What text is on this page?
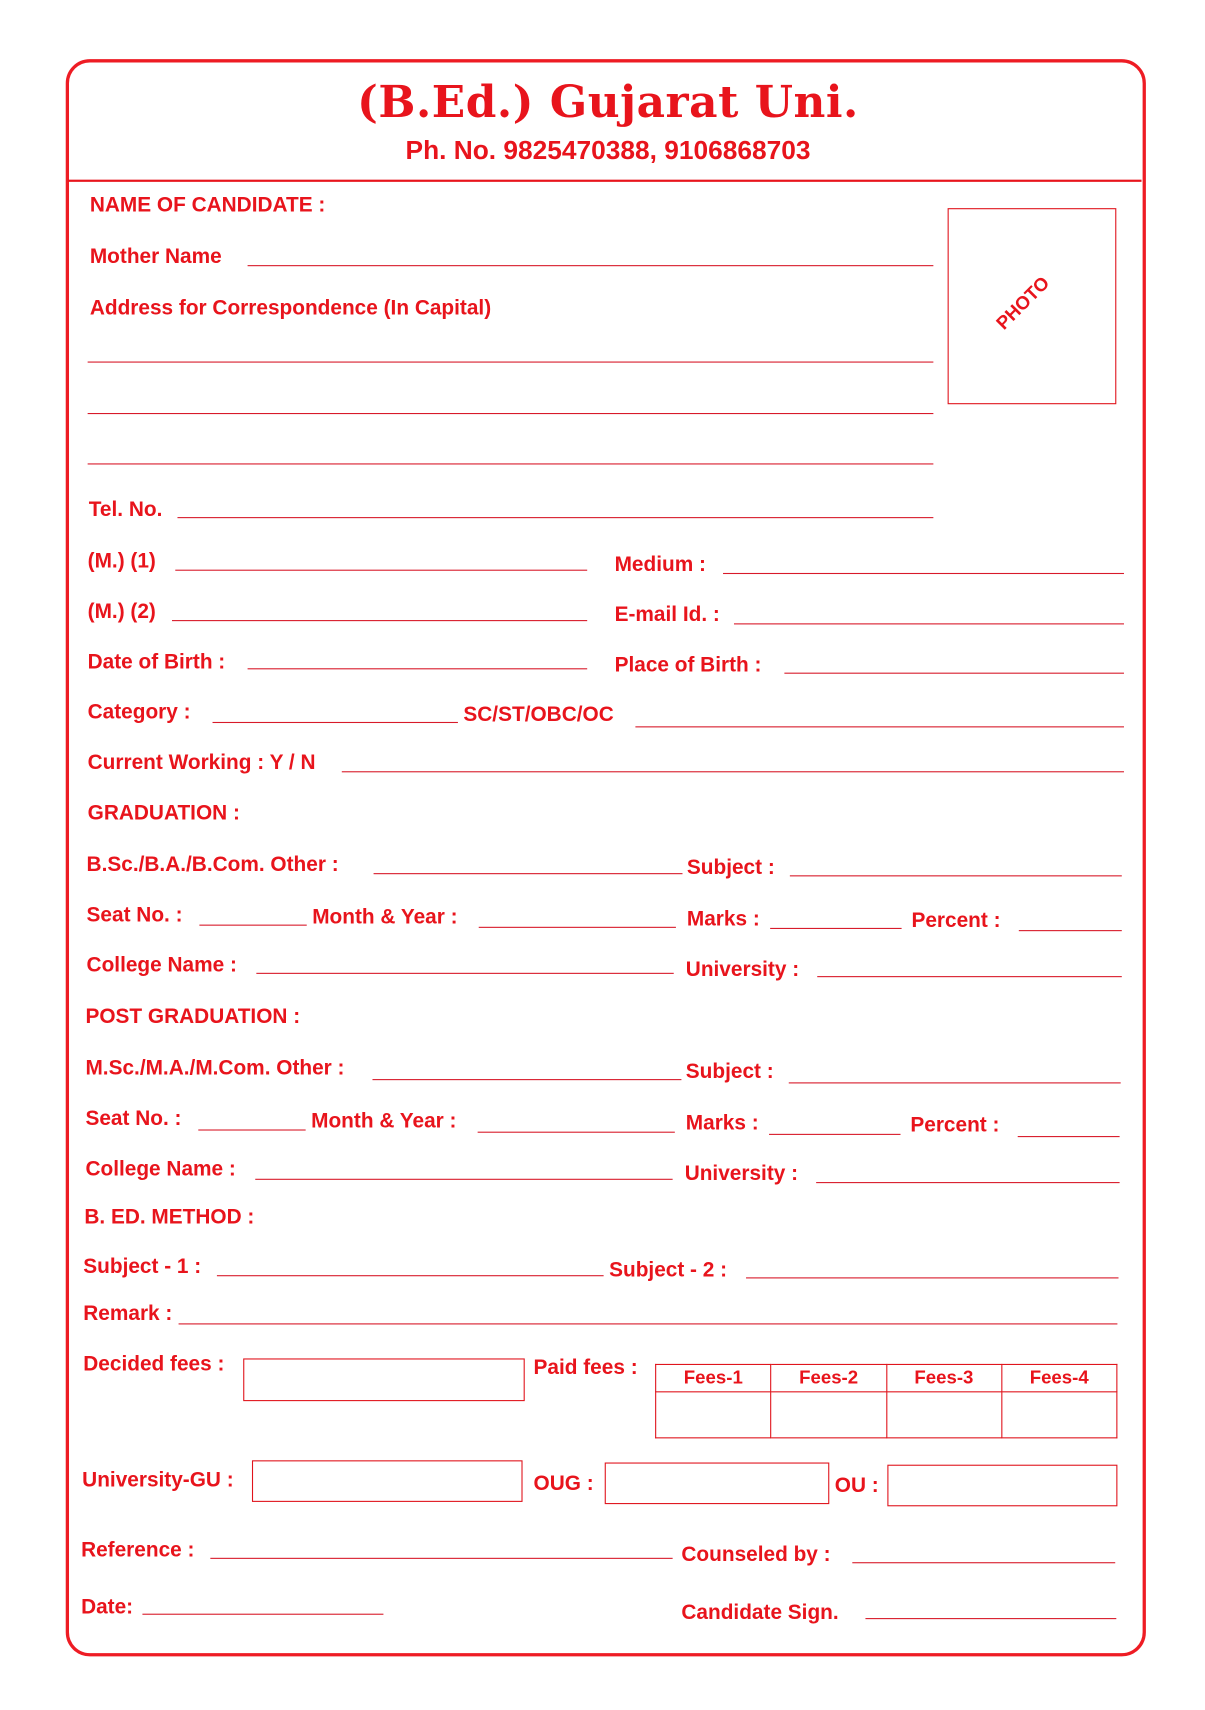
(B.Ed.) Gujarat Uni.
Ph. No. 9825470388, 9106868703
PHOTO
NAME OF CANDIDATE :
Mother Name
Address for Correspondence (In Capital)
Tel. No.
(M.) (1)	Medium :
(M.) (2)	E-mail Id. :
Date of Birth :	Place of Birth :
Category :	SC/ST/OBC/OC
Current Working : Y / N
GRADUATION :
B.Sc./B.A./B.Com. Other :	Subject :
Seat No. :	Month & Year :	Marks :	Percent :
College Name :	University :
POST GRADUATION :
M.Sc./M.A./M.Com. Other :	Subject :
Seat No. :	Month & Year :	Marks :	Percent :
College Name :	University :
B. ED. METHOD :
Subject - 1 :	Subject - 2 :
Remark :
Decided fees :	Paid fees :	Fees-1	Fees-2	Fees-3	Fees-4

University-GU :	OUG :	OU :
Reference :	Counseled by :
Date:	Candidate Sign.
